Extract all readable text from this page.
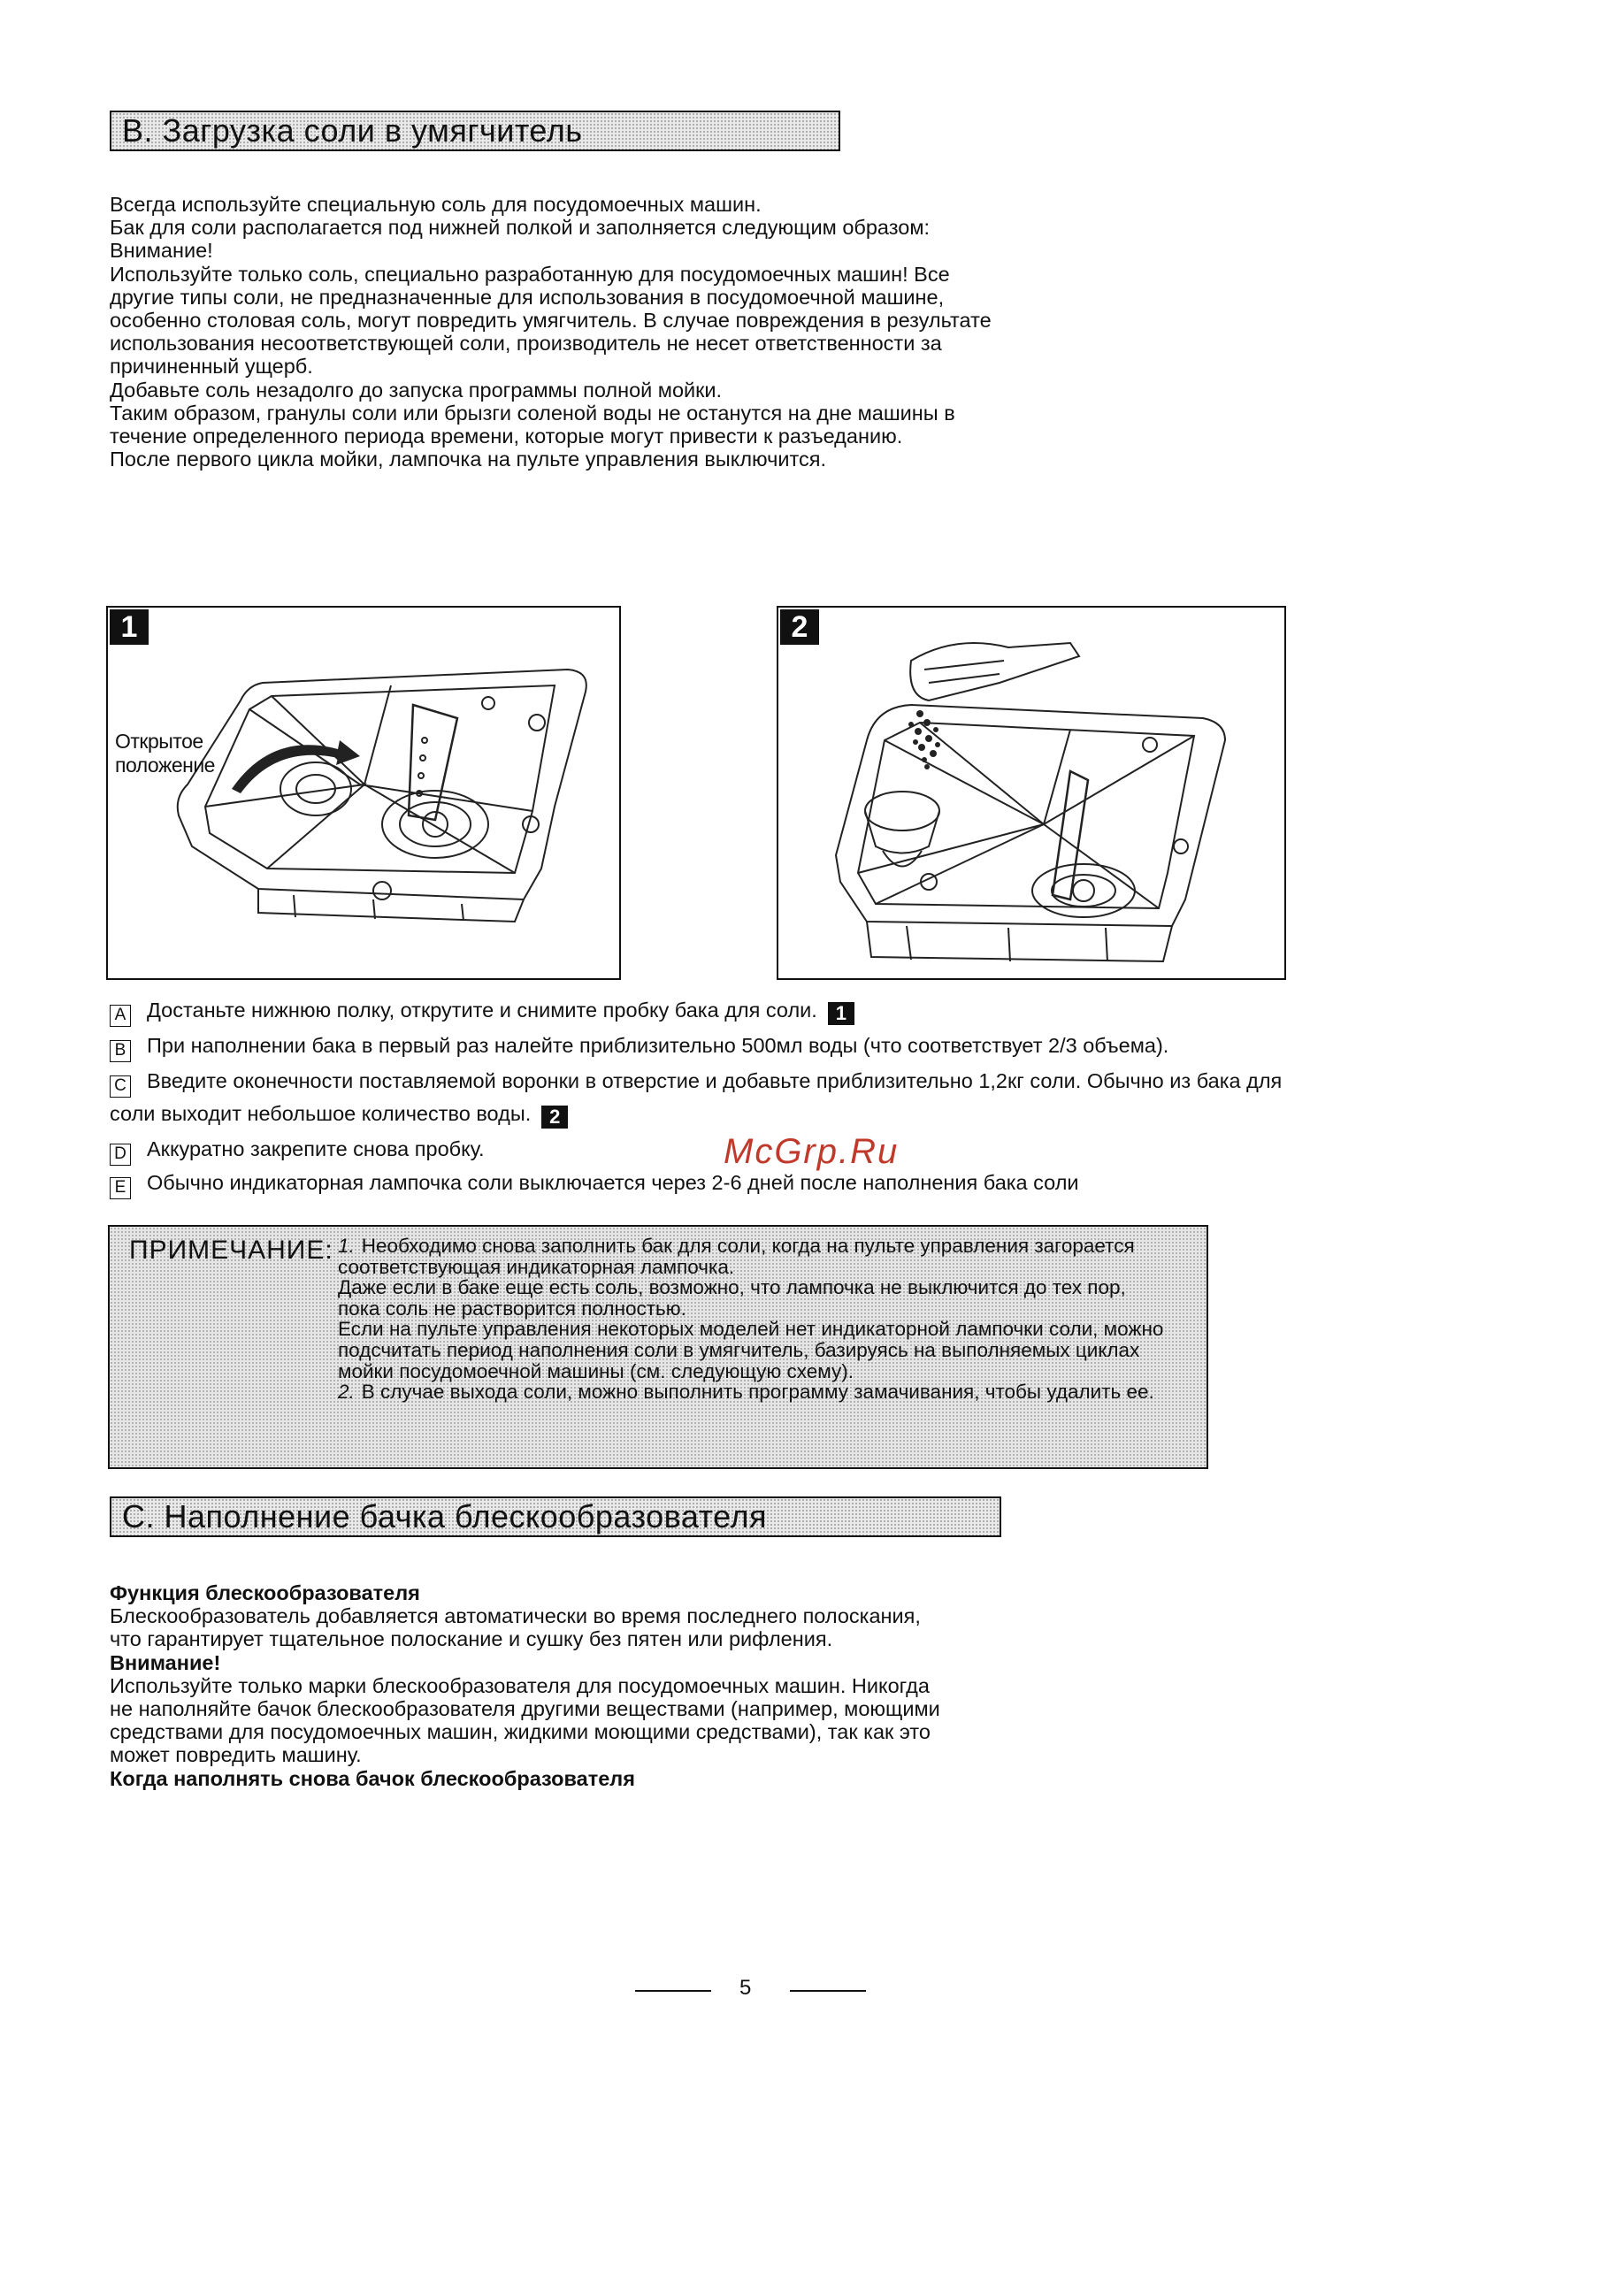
B. Загрузка соли в умягчитель
Всегда используйте специальную соль для посудомоечных машин.
Бак для соли располагается под нижней полкой и заполняется следующим образом:
Внимание!
Используйте только соль, специально разработанную для посудомоечных машин! Все
другие типы соли, не предназначенные для использования в посудомоечной машине,
особенно столовая соль, могут повредить умягчитель. В случае повреждения в результате
использования несоответствующей соли, производитель не несет ответственности за
причиненный ущерб.
Добавьте соль незадолго до запуска программы полной мойки.
Таким образом, гранулы соли или брызги соленой воды не останутся на дне машины в
течение определенного периода времени, которые могут привести к разъеданию.
После первого цикла мойки, лампочка на пульте управления выключится.
1
Открытое
положение
2
A Достаньте нижнюю полку, открутите и снимите пробку бака для соли. 1
B При наполнении бака в первый раз налейте приблизительно 500мл воды (что соответствует 2/3 объема).
C Введите оконечности поставляемой воронки в отверстие и добавьте приблизительно 1,2кг соли. Обычно из бака для
соли выходит небольшое количество воды. 2
D Аккуратно закрепите снова пробку.
E Обычно индикаторная лампочка соли выключается через 2-6 дней после наполнения бака соли
McGrp.Ru
ПРИМЕЧАНИЕ: 1. Необходимо снова заполнить бак для соли, когда на пульте управления загорается
соответствующая индикаторная лампочка.
Даже если в баке еще есть соль, возможно, что лампочка не выключится до тех пор,
пока соль не растворится полностью.
Если на пульте управления некоторых моделей нет индикаторной лампочки соли, можно
подсчитать период наполнения соли в умягчитель, базируясь на выполняемых циклах
мойки посудомоечной машины (см. следующую схему).
2. В случае выхода соли, можно выполнить программу замачивания, чтобы удалить ее.
C. Наполнение бачка блескообразователя
Функция блескообразователя
Блескообразователь добавляется автоматически во время последнего полоскания,
что гарантирует тщательное полоскание и сушку без пятен или рифления.
Внимание!
Используйте только марки блескообразователя для посудомоечных машин. Никогда
не наполняйте бачок блескообразователя другими веществами (например, моющими
средствами для посудомоечных машин, жидкими моющими средствами), так как это
может повредить машину.
Когда наполнять снова бачок блескообразователя
5
